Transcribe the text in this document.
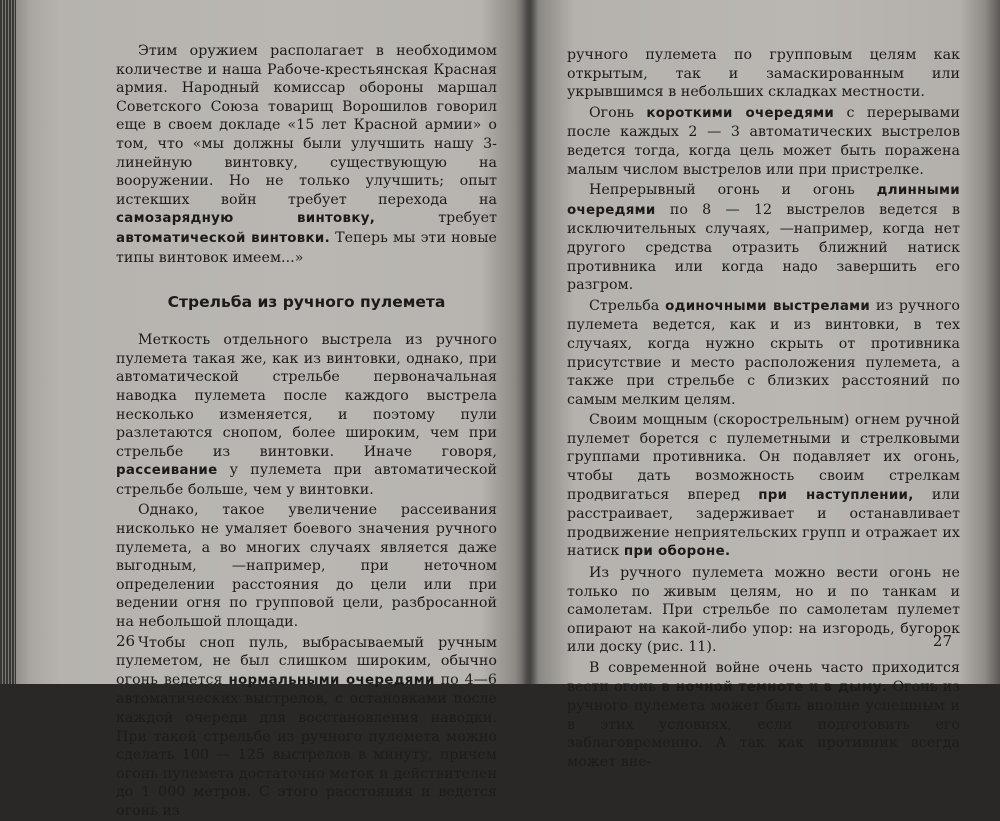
Этим оружием располагает в необходимом количестве и наша Рабоче-крестьянская Красная армия. Народный комиссар обороны маршал Советского Союза товарищ Ворошилов говорил еще в своем докладе «15 лет Красной армии» о том, что «мы должны были улучшить нашу 3-линейную винтовку, существующую на вооружении. Но не только улучшить; опыт истекших войн требует перехода на самозарядную винтовку, требует автоматической винтовки. Теперь мы эти новые типы винтовок имеем...»
Стрельба из ручного пулемета
Меткость отдельного выстрела из ручного пулемета такая же, как из винтовки, однако, при автоматической стрельбе первоначальная наводка пулемета после каждого выстрела несколько изменяется, и поэтому пули разлетаются снопом, более широким, чем при стрельбе из винтовки. Иначе говоря, рассеивание у пулемета при автоматической стрельбе больше, чем у винтовки.
Однако, такое увеличение рассеивания нисколько не умаляет боевого значения ручного пулемета, а во многих случаях является даже выгодным, —например, при неточном определении расстояния до цели или при ведении огня по групповой цели, разбросанной на небольшой площади.
Чтобы сноп пуль, выбрасываемый ручным пулеметом, не был слишком широким, обычно огонь ведется нормальными очередями по 4—6 автоматических выстрелов, с остановками после каждой очереди для восстановления наводки. При такой стрельбе из ручного пулемета можно сделать 100 — 125 выстрелов в минуту, причем огонь пулемета достаточно меток и действителен до 1 000 метров. С этого расстояния и ведется огонь из
26
ручного пулемета по групповым целям как открытым, так и замаскированным или укрывшимся в небольших складках местности.
Огонь короткими очередями с перерывами после каждых 2 — 3 автоматических выстрелов ведется тогда, когда цель может быть поражена малым числом выстрелов или при пристрелке.
Непрерывный огонь и огонь длинными очередями по 8 — 12 выстрелов ведется в исключительных случаях, —например, когда нет другого средства отразить ближний натиск противника или когда надо завершить его разгром.
Стрельба одиночными выстрелами из ручного пулемета ведется, как и из винтовки, в тех случаях, когда нужно скрыть от противника присутствие и место расположения пулемета, а также при стрельбе с близких расстояний по самым мелким целям.
Своим мощным (скорострельным) огнем ручной пулемет борется с пулеметными и стрелковыми группами противника. Он подавляет их огонь, чтобы дать возможность своим стрелкам продвигаться вперед при наступлении, или расстраивает, задерживает и останавливает продвижение неприятельских групп и отражает их натиск при обороне.
Из ручного пулемета можно вести огонь не только по живым целям, но и по танкам и самолетам. При стрельбе по самолетам пулемет опирают на какой-либо упор: на изгородь, бугорок или доску (рис. 11).
В современной войне очень часто приходится вести огонь в ночной темноте и в дыму. Огонь из ручного пулемета может быть вполне успешным и в этих условиях, если подготовить его заблаговременно. А так как противник всегда может вне-
27
